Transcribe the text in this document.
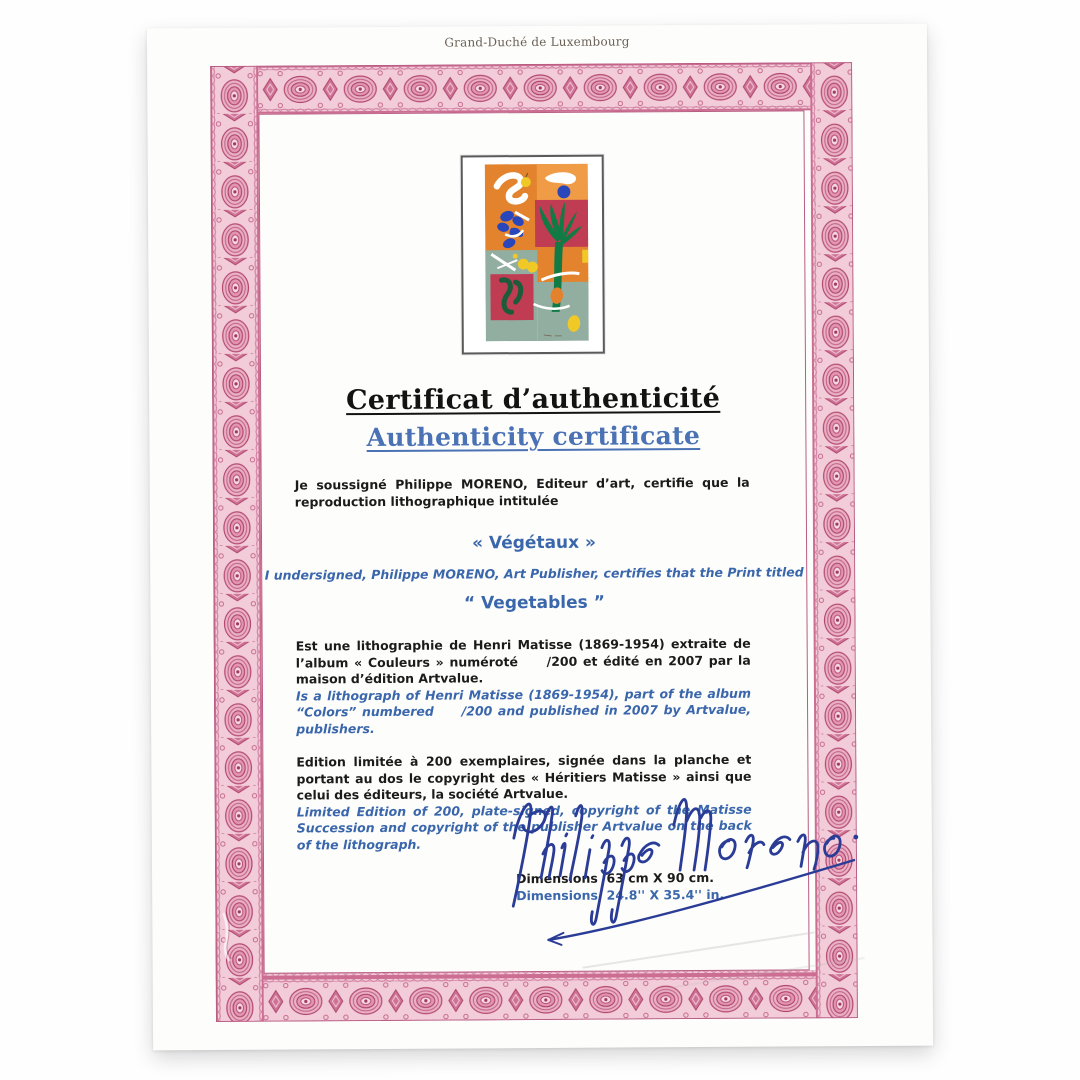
Grand-Duché de Luxembourg
Certificat d’authenticité
Authenticity certificate

Je soussigné Philippe MORENO, Editeur d’art, certifie que la reproduction lithographique intitulée

« Végétaux »
I undersigned, Philippe MORENO, Art Publisher, certifies that the Print titled
“ Vegetables ”

Est une lithographie de Henri Matisse (1869-1954) extraite de l’album « Couleurs » numéroté     /200 et édité en 2007 par la maison d’édition Artvalue.

Is a lithograph of Henri Matisse (1869-1954), part of the album “Colors” numbered     /200 and published in 2007 by Artvalue, publishers.

Edition limitée à 200 exemplaires, signée dans la planche et portant au dos le copyright des « Héritiers Matisse » ainsi que celui des éditeurs, la société Artvalue.

Limited Edition of 200, plate-signed, copyright of the Matisse Succession and copyright of the publisher Artvalue on the back of the lithograph.

Dimensions  63 cm X 90 cm.

Dimensions  24.8'' X 35.4'' in.
